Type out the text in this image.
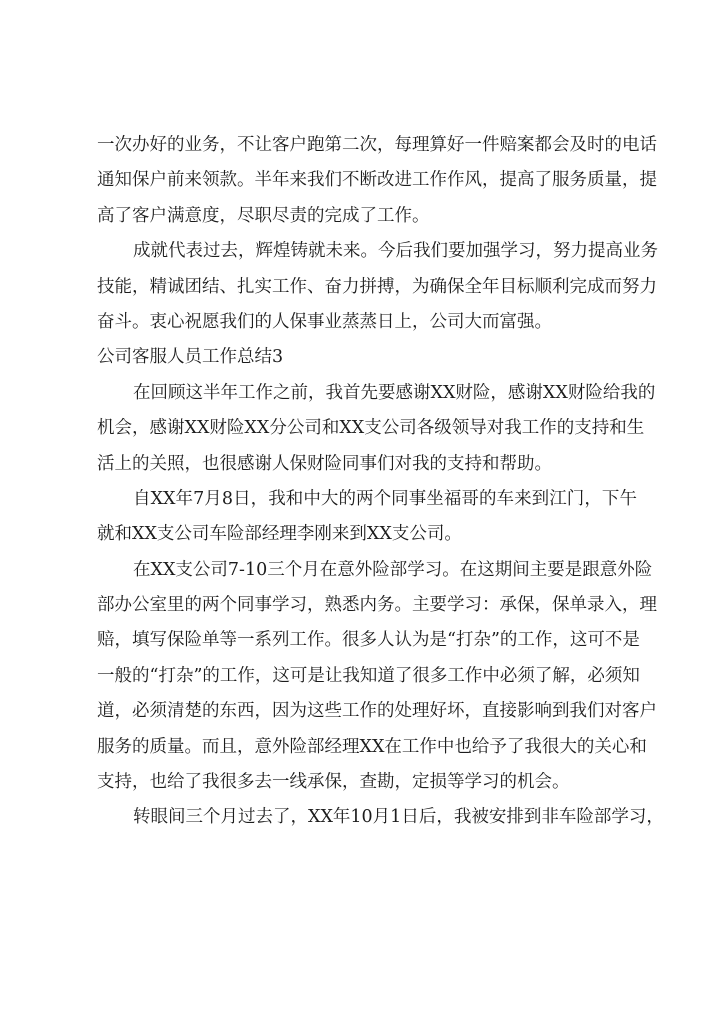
一次办好的业务，不让客户跑第二次，每理算好一件赔案都会及时的电话
通知保户前来领款。半年来我们不断改进工作作风，提高了服务质量，提
高了客户满意度，尽职尽责的完成了工作。
成就代表过去，辉煌铸就未来。今后我们要加强学习，努力提高业务
技能，精诚团结、扎实工作、奋力拼搏，为确保全年目标顺利完成而努力
奋斗。衷心祝愿我们的人保事业蒸蒸日上，公司大而富强。
公司客服人员工作总结3
在回顾这半年工作之前，我首先要感谢XX财险，感谢XX财险给我的
机会，感谢XX财险XX分公司和XX支公司各级领导对我工作的支持和生
活上的关照，也很感谢人保财险同事们对我的支持和帮助。
自XX年7月8日，我和中大的两个同事坐福哥的车来到江门，下午
就和XX支公司车险部经理李刚来到XX支公司。
在XX支公司7-10三个月在意外险部学习。在这期间主要是跟意外险
部办公室里的两个同事学习，熟悉内务。主要学习：承保，保单录入，理
赔，填写保险单等一系列工作。很多人认为是“打杂”的工作，这可不是
一般的“打杂”的工作，这可是让我知道了很多工作中必须了解，必须知
道，必须清楚的东西，因为这些工作的处理好坏，直接影响到我们对客户
服务的质量。而且，意外险部经理XX在工作中也给予了我很大的关心和
支持，也给了我很多去一线承保，查勘，定损等学习的机会。
转眼间三个月过去了，XX年10月1日后，我被安排到非车险部学习，
